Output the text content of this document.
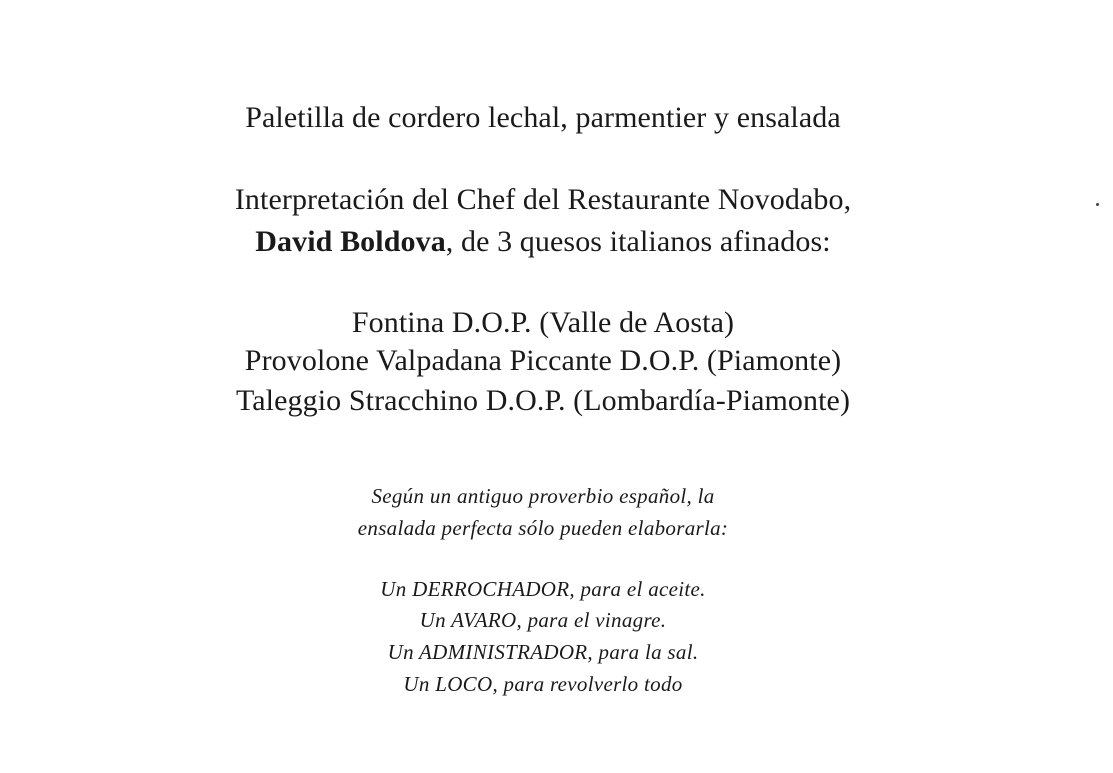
Paletilla de cordero lechal, parmentier y ensalada
Interpretación del Chef del Restaurante Novodabo,
David Boldova, de 3 quesos italianos afinados:
Fontina D.O.P. (Valle de Aosta)
Provolone Valpadana Piccante D.O.P. (Piamonte)
Taleggio Stracchino D.O.P. (Lombardía-Piamonte)
Según un antiguo proverbio español, la
ensalada perfecta sólo pueden elaborarla:
Un DERROCHADOR, para el aceite.
Un AVARO, para el vinagre.
Un ADMINISTRADOR, para la sal.
Un LOCO, para revolverlo todo
